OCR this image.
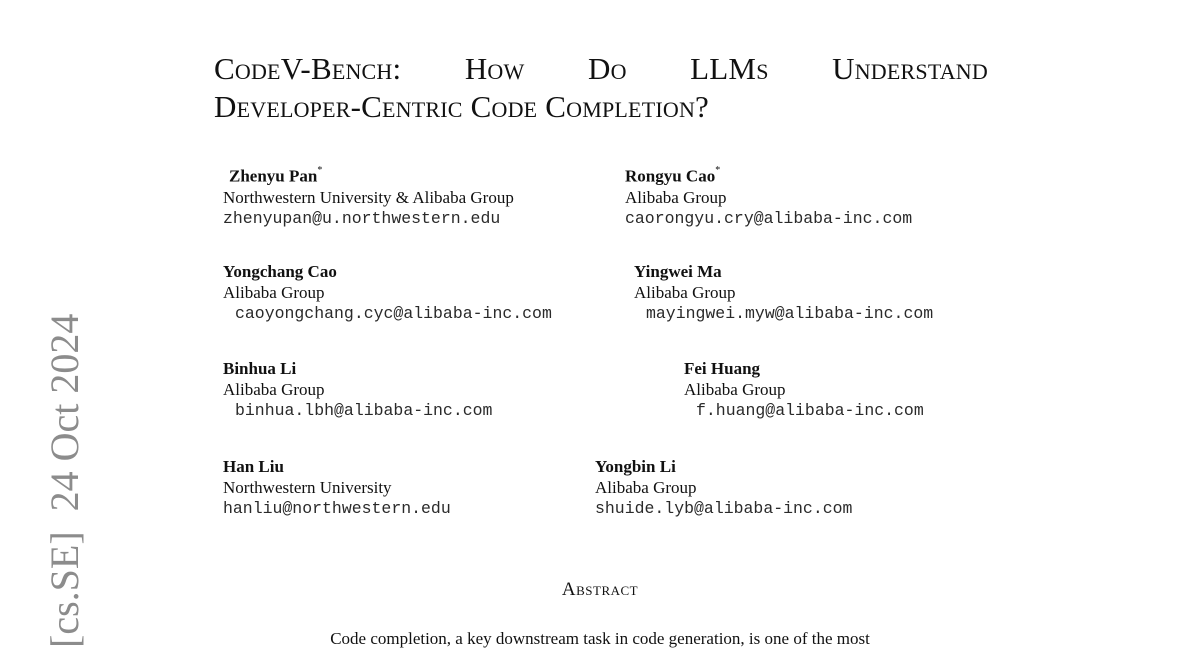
[cs.SE]  24 Oct 2024
CodeV-Bench: How Do LLMs Understand
Developer-Centric Code Completion?
Zhenyu Pan*
Northwestern University & Alibaba Group
zhenyupan@u.northwestern.edu
Rongyu Cao*
Alibaba Group
caorongyu.cry@alibaba-inc.com
Yongchang Cao
Alibaba Group
caoyongchang.cyc@alibaba-inc.com
Yingwei Ma
Alibaba Group
mayingwei.myw@alibaba-inc.com
Binhua Li
Alibaba Group
binhua.lbh@alibaba-inc.com
Fei Huang
Alibaba Group
f.huang@alibaba-inc.com
Han Liu
Northwestern University
hanliu@northwestern.edu
Yongbin Li
Alibaba Group
shuide.lyb@alibaba-inc.com
Abstract
Code completion, a key downstream task in code generation, is one of the most
